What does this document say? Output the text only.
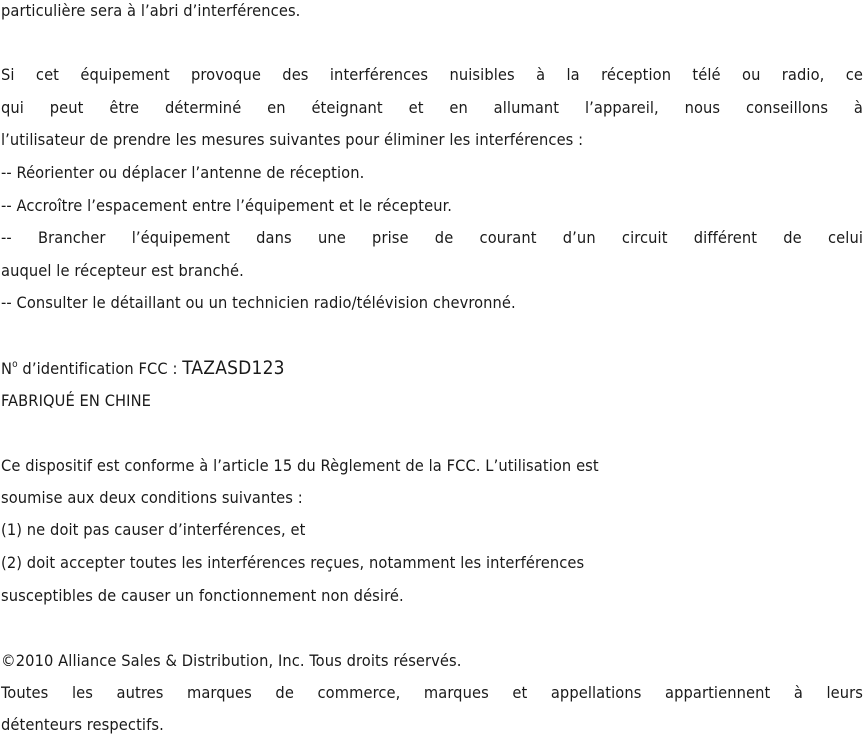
particulière sera à l’abri d’interférences.
Si cet équipement provoque des interférences nuisibles à la réception télé ou radio, ce
qui peut être déterminé en éteignant et en allumant l’appareil, nous conseillons à
l’utilisateur de prendre les mesures suivantes pour éliminer les interférences :
-- Réorienter ou déplacer l’antenne de réception.
-- Accroître l’espacement entre l’équipement et le récepteur.
-- Brancher l’équipement dans une prise de courant d’un circuit différent de celui
auquel le récepteur est branché.
-- Consulter le détaillant ou un technicien radio/télévision chevronné.
$N^o$ d’identification FCC : TAZASD123
FABRIQUÉ EN CHINE
Ce dispositif est conforme à l’article 15 du Règlement de la FCC. L’utilisation est
soumise aux deux conditions suivantes :
(1) ne doit pas causer d’interférences, et
(2) doit accepter toutes les interférences reçues, notamment les interférences
susceptibles de causer un fonctionnement non désiré.
©2010 Alliance Sales & Distribution, Inc. Tous droits réservés.
Toutes les autres marques de commerce, marques et appellations appartiennent à leurs
détenteurs respectifs.
